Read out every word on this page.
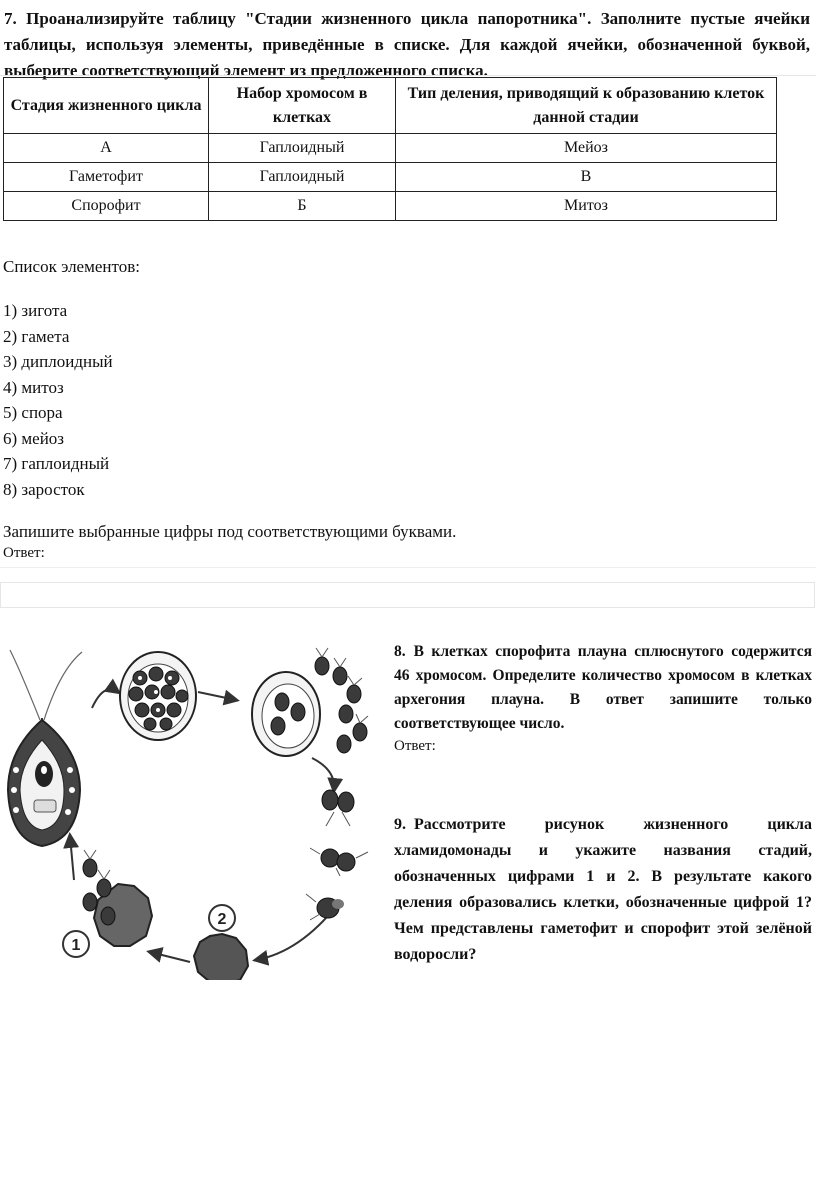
7. Проанализируйте таблицу "Стадии жизненного цикла папоротника". Заполните пустые ячейки таблицы, используя элементы, приведённые в списке. Для каждой ячейки, обозначенной буквой, выберите соответствующий элемент из предложенного списка.
Стадия жизненного цикла	Набор хромосом в клетках	Тип деления, приводящий к образованию клеток данной стадии
А	Гаплоидный	Мейоз
Гаметофит	Гаплоидный	В
Спорофит	Б	Митоз
Список элементов:
1) зигота
2) гамета
3) диплоидный
4) митоз
5) спора
6) мейоз
7) гаплоидный
8) заросток
Запишите выбранные цифры под соответствующими буквами.
Ответ:
2
1
8. В клетках спорофита плауна сплюснутого содержится 46 хромосом. Определите количество хромосом в клетках архегония плауна. В ответ запишите только соответствующее число.
Ответ:
9. Рассмотрите рисунок жизненного цикла хламидомонады и укажите названия стадий, обозначенных цифрами 1 и 2. В результате какого деления образовались клетки, обозначенные цифрой 1? Чем представлены гаметофит и спорофит этой зелёной водоросли?
